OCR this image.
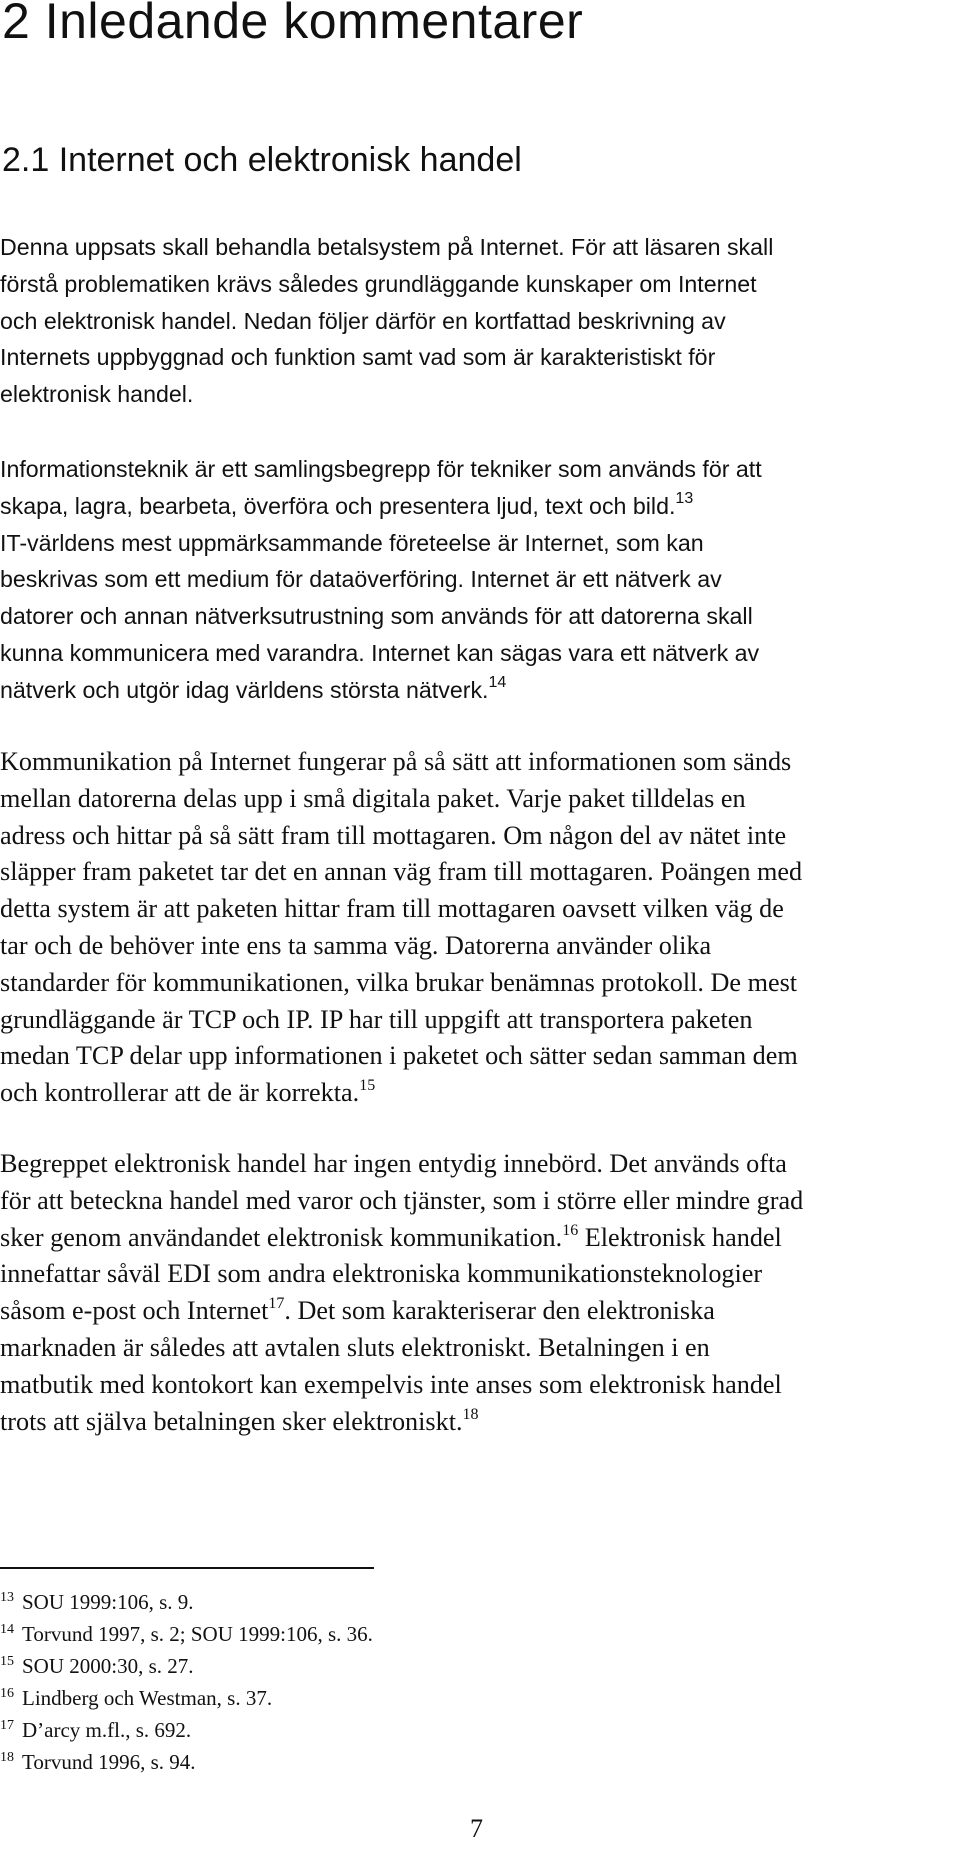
2 Inledande kommentarer
2.1 Internet och elektronisk handel
Denna uppsats skall behandla betalsystem på Internet. För att läsaren skall
förstå problematiken krävs således grundläggande kunskaper om Internet
och elektronisk handel. Nedan följer därför en kortfattad beskrivning av
Internets uppbyggnad och funktion samt vad som är karakteristiskt för
elektronisk handel.
Informationsteknik är ett samlingsbegrepp för tekniker som används för att
skapa, lagra, bearbeta, överföra och presentera ljud, text och bild.$^{13}$
IT-världens mest uppmärksammande företeelse är Internet, som kan
beskrivas som ett medium för dataöverföring. Internet är ett nätverk av
datorer och annan nätverksutrustning som används för att datorerna skall
kunna kommunicera med varandra. Internet kan sägas vara ett nätverk av
nätverk och utgör idag världens största nätverk.$^{14}$
Kommunikation på Internet fungerar på så sätt att informationen som sänds
mellan datorerna delas upp i små digitala paket. Varje paket tilldelas en
adress och hittar på så sätt fram till mottagaren. Om någon del av nätet inte
släpper fram paketet tar det en annan väg fram till mottagaren. Poängen med
detta system är att paketen hittar fram till mottagaren oavsett vilken väg de
tar och de behöver inte ens ta samma väg. Datorerna använder olika
standarder för kommunikationen, vilka brukar benämnas protokoll. De mest
grundläggande är TCP och IP. IP har till uppgift att transportera paketen
medan TCP delar upp informationen i paketet och sätter sedan samman dem
och kontrollerar att de är korrekta.$^{15}$
Begreppet elektronisk handel har ingen entydig innebörd. Det används ofta
för att beteckna handel med varor och tjänster, som i större eller mindre grad
sker genom användandet elektronisk kommunikation.$^{16}$ Elektronisk handel
innefattar såväl EDI som andra elektroniska kommunikationsteknologier
såsom e-post och Internet$^{17}$. Det som karakteriserar den elektroniska
marknaden är således att avtalen sluts elektroniskt. Betalningen i en
matbutik med kontokort kan exempelvis inte anses som elektronisk handel
trots att själva betalningen sker elektroniskt.$^{18}$
$^{13}$ SOU 1999:106, s. 9.
$^{14}$ Torvund 1997, s. 2; SOU 1999:106, s. 36.
$^{15}$ SOU 2000:30, s. 27.
$^{16}$ Lindberg och Westman, s. 37.
$^{17}$ D’arcy m.fl., s. 692.
$^{18}$ Torvund 1996, s. 94.
7
